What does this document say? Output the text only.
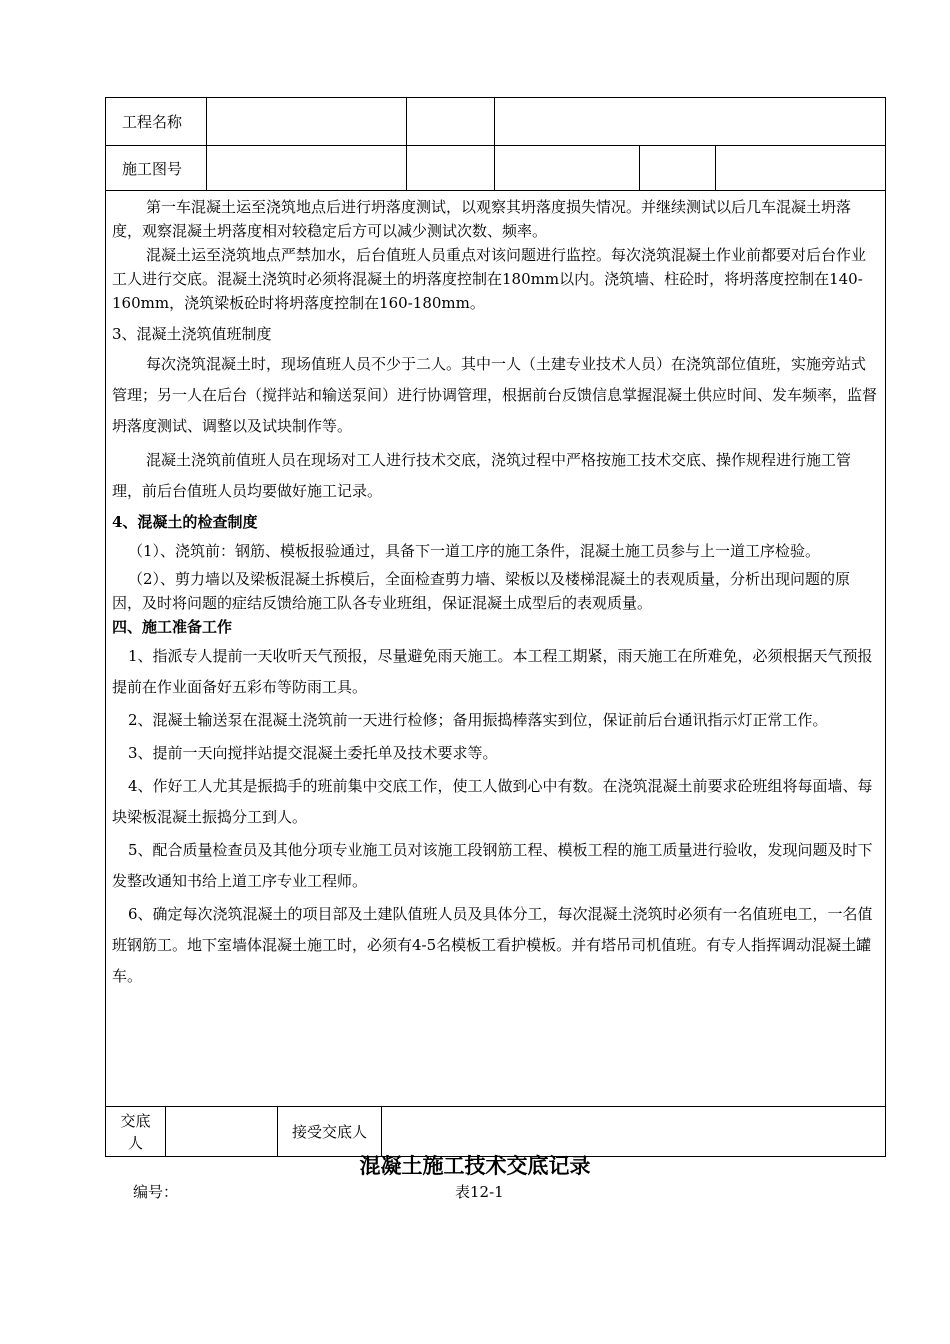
工程名称
施工图号

第一车混凝土运至浇筑地点后进行坍落度测试，以观察其坍落度损失情况。并继续测试以后几车混凝土坍落度，观察混凝土坍落度相对较稳定后方可以减少测试次数、频率。

混凝土运至浇筑地点严禁加水，后台值班人员重点对该问题进行监控。每次浇筑混凝土作业前都要对后台作业工人进行交底。混凝土浇筑时必须将混凝土的坍落度控制在180mm以内。浇筑墙、柱砼时，将坍落度控制在140-160mm，浇筑梁板砼时将坍落度控制在160-180mm。

3、混凝土浇筑值班制度

每次浇筑混凝土时，现场值班人员不少于二人。其中一人（土建专业技术人员）在浇筑部位值班，实施旁站式管理；另一人在后台（搅拌站和输送泵间）进行协调管理，根据前台反馈信息掌握混凝土供应时间、发车频率，监督坍落度测试、调整以及试块制作等。

混凝土浇筑前值班人员在现场对工人进行技术交底，浇筑过程中严格按施工技术交底、操作规程进行施工管理，前后台值班人员均要做好施工记录。

4、混凝土的检查制度

（1）、浇筑前：钢筋、模板报验通过，具备下一道工序的施工条件，混凝土施工员参与上一道工序检验。

（2）、剪力墙以及梁板混凝土拆模后，全面检查剪力墙、梁板以及楼梯混凝土的表观质量，分析出现问题的原因，及时将问题的症结反馈给施工队各专业班组，保证混凝土成型后的表观质量。

四、施工准备工作

1、指派专人提前一天收听天气预报，尽量避免雨天施工。本工程工期紧，雨天施工在所难免，必须根据天气预报提前在作业面备好五彩布等防雨工具。

2、混凝土输送泵在混凝土浇筑前一天进行检修；备用振捣棒落实到位，保证前后台通讯指示灯正常工作。

3、提前一天向搅拌站提交混凝土委托单及技术要求等。

4、作好工人尤其是振捣手的班前集中交底工作，使工人做到心中有数。在浇筑混凝土前要求砼班组将每面墙、每块梁板混凝土振捣分工到人。

5、配合质量检查员及其他分项专业施工员对该施工段钢筋工程、模板工程的施工质量进行验收，发现问题及时下发整改通知书给上道工序专业工程师。

6、确定每次浇筑混凝土的项目部及土建队值班人员及具体分工，每次混凝土浇筑时必须有一名值班电工，一名值班钢筋工。地下室墙体混凝土施工时，必须有4-5名模板工看护模板。并有塔吊司机值班。有专人指挥调动混凝土罐车。

交底人
接受交底人
混凝土施工技术交底记录
编号：	表12-1
